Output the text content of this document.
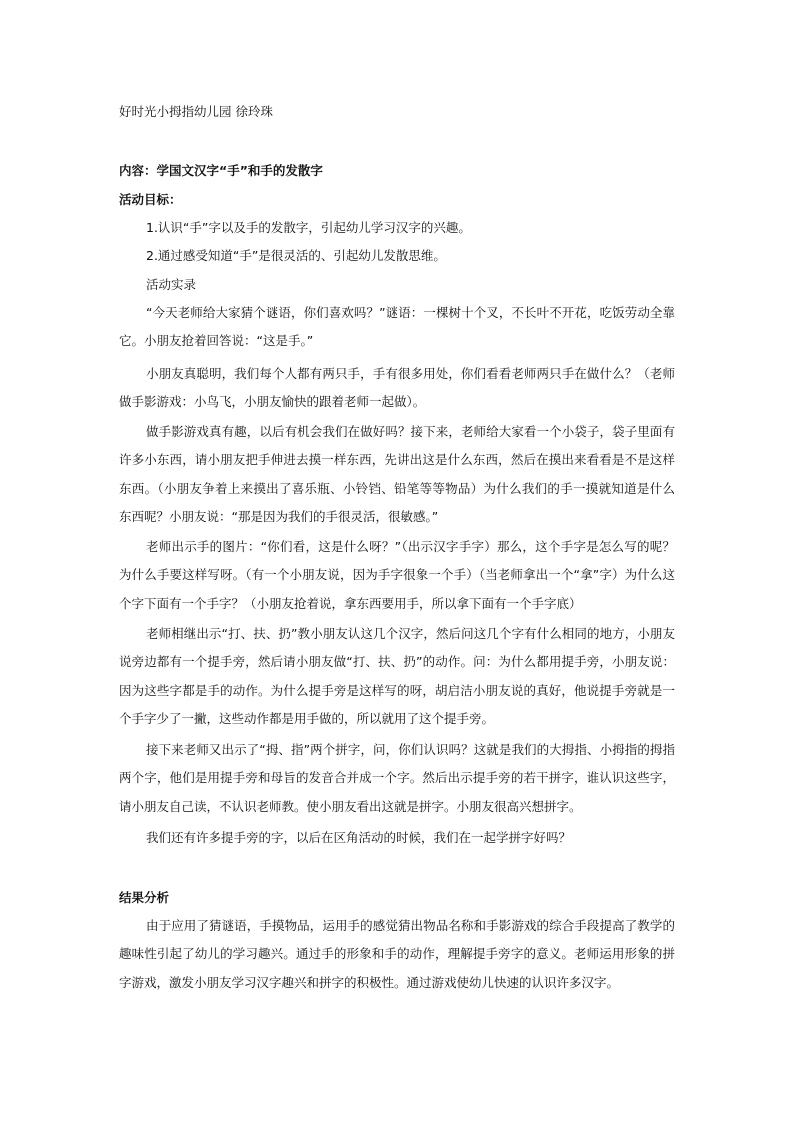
好时光小拇指幼儿园 徐玲珠
内容：学国文汉字“手”和手的发散字
活动目标：
1.认识“手”字以及手的发散字，引起幼儿学习汉字的兴趣。
2.通过感受知道“手”是很灵活的、引起幼儿发散思维。
活动实录

“今天老师给大家猜个谜语，你们喜欢吗？”谜语：一棵树十个叉，不长叶不开花，吃饭劳动全靠它。小朋友抢着回答说：“这是手。”

小朋友真聪明，我们每个人都有两只手，手有很多用处，你们看看老师两只手在做什么？（老师做手影游戏：小鸟飞，小朋友愉快的跟着老师一起做）。

做手影游戏真有趣，以后有机会我们在做好吗？接下来，老师给大家看一个小袋子，袋子里面有许多小东西，请小朋友把手伸进去摸一样东西，先讲出这是什么东西，然后在摸出来看看是不是这样东西。（小朋友争着上来摸出了喜乐瓶、小铃铛、铅笔等等物品）为什么我们的手一摸就知道是什么东西呢？小朋友说：“那是因为我们的手很灵活，很敏感。”

老师出示手的图片：“你们看，这是什么呀？”（出示汉字手字）那么，这个手字是怎么写的呢？为什么手要这样写呀。（有一个小朋友说，因为手字很象一个手）（当老师拿出一个“拿”字）为什么这个字下面有一个手字？（小朋友抢着说，拿东西要用手，所以拿下面有一个手字底）

老师相继出示“打、扶、扔”教小朋友认这几个汉字，然后问这几个字有什么相同的地方，小朋友说旁边都有一个提手旁，然后请小朋友做“打、扶、扔”的动作。问：为什么都用提手旁，小朋友说：因为这些字都是手的动作。为什么提手旁是这样写的呀，胡启洁小朋友说的真好，他说提手旁就是一个手字少了一撇，这些动作都是用手做的，所以就用了这个提手旁。

接下来老师又出示了“拇、指”两个拼字，问，你们认识吗？这就是我们的大拇指、小拇指的拇指两个字，他们是用提手旁和母旨的发音合并成一个字。然后出示提手旁的若干拼字，谁认识这些字，请小朋友自己读，不认识老师教。使小朋友看出这就是拼字。小朋友很高兴想拼字。

我们还有许多提手旁的字，以后在区角活动的时候，我们在一起学拼字好吗？

结果分析

由于应用了猜谜语，手摸物品，运用手的感觉猜出物品名称和手影游戏的综合手段提高了教学的趣味性引起了幼儿的学习趣兴。通过手的形象和手的动作，理解提手旁字的意义。老师运用形象的拼字游戏，激发小朋友学习汉字趣兴和拼字的积极性。通过游戏使幼儿快速的认识许多汉字。
